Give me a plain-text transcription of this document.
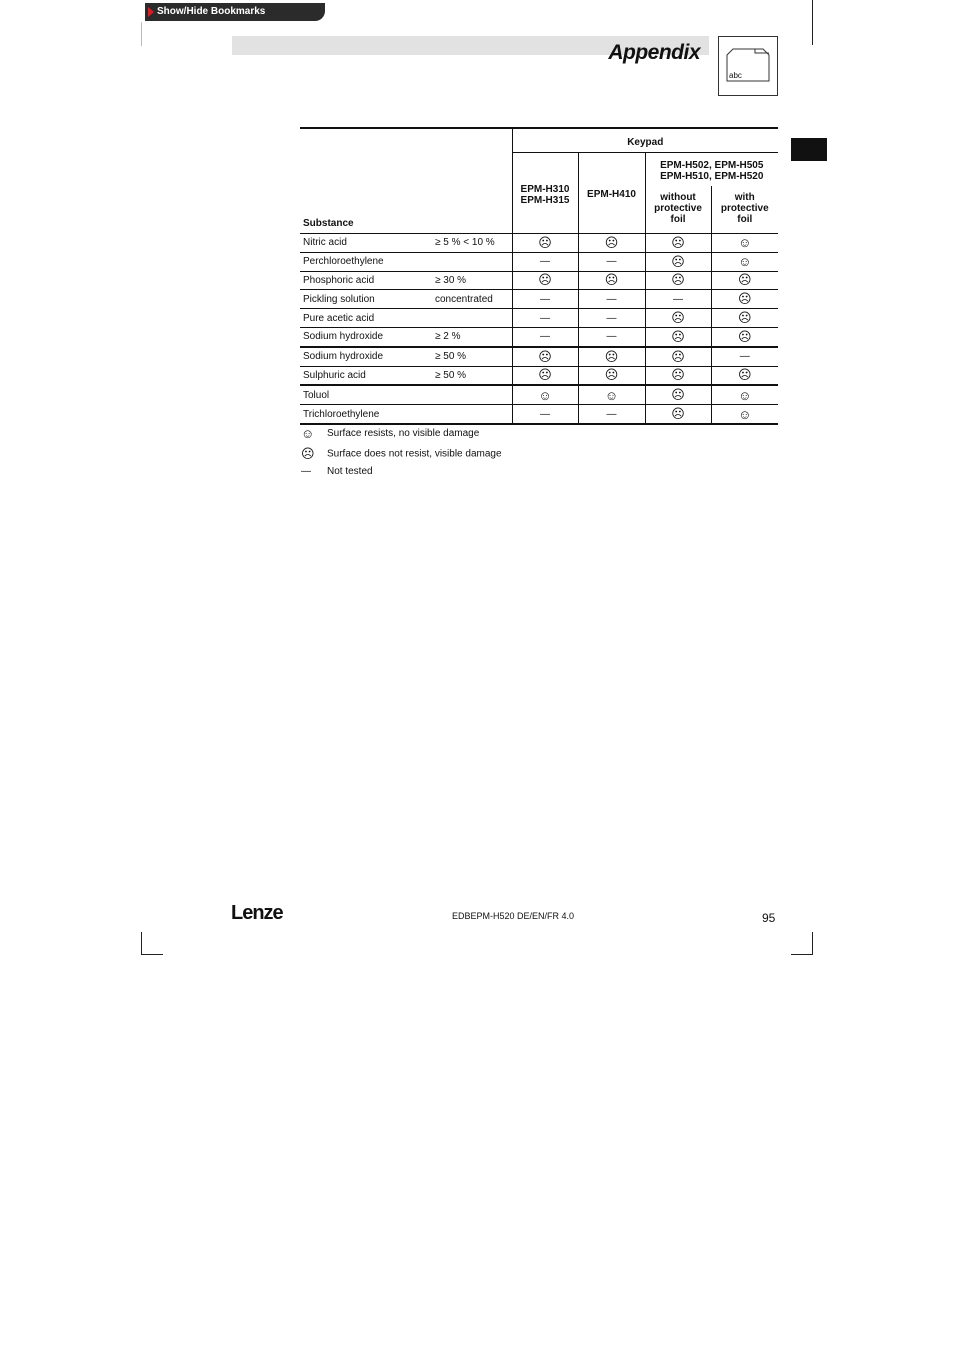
Show/Hide Bookmarks
Appendix
abc
Substance		Keypad			
		EPM-H310
EPM-H315	EPM-H410	EPM-H502, EPM-H505
EPM-H510, EPM-H520	
				without
protective
foil	with
protective
foil
Nitric acid	≥ 5 % < 10 %	☹	☹	☹	☺
Perchloroethylene		—	—	☹	☺
Phosphoric acid	≥ 30 %	☹	☹	☹	☹
Pickling solution	concentrated	—	—	—	☹
Pure acetic acid		—	—	☹	☹
Sodium hydroxide	≥ 2 %	—	—	☹	☹
Sodium hydroxide	≥ 50 %	☹	☹	☹	—
Sulphuric acid	≥ 50 %	☹	☹	☹	☹
Toluol		☺	☺	☹	☺
Trichloroethylene		—	—	☹	☺
☺ Surface resists, no visible damage
☹ Surface does not resist, visible damage
— Not tested
Lenze	EDBEPM-H520 DE/EN/FR 4.0	95
